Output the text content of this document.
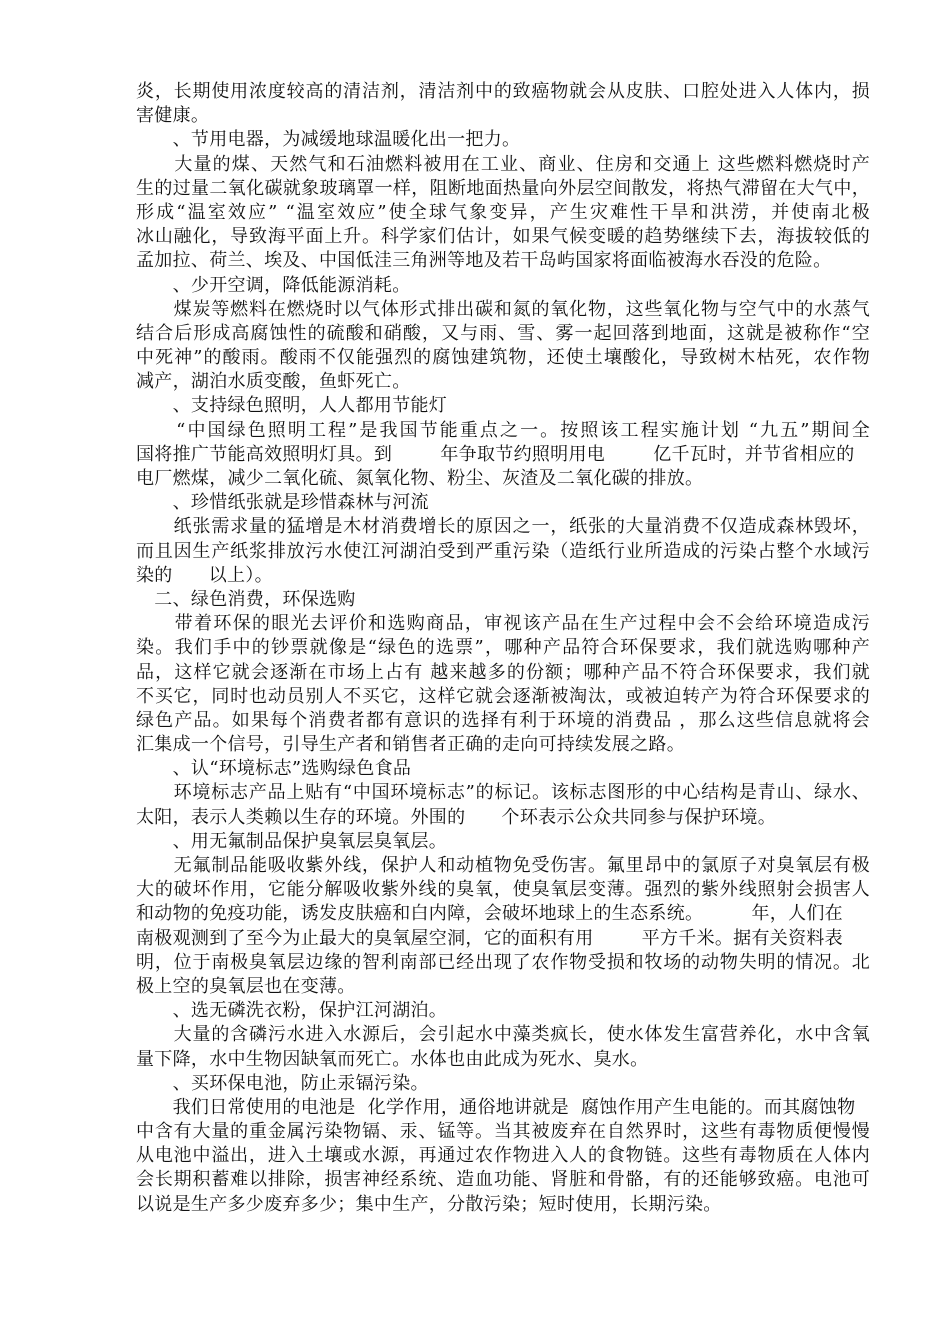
炎，长期使用浓度较高的清洁剂，清洁剂中的致癌物就会从皮肤、口腔处进入人体内，损
害健康。
　　、节用电器，为减缓地球温暖化出一把力。
　　大量的煤、天然气和石油燃料被用在工业、商业、住房和交通上 这些燃料燃烧时产
生的过量二氧化碳就象玻璃罩一样，阻断地面热量向外层空间散发，将热气滞留在大气中，
形成“温室效应” “温室效应”使全球气象变异，产生灾难性干旱和洪涝，并使南北极
冰山融化，导致海平面上升。科学家们估计，如果气候变暖的趋势继续下去，海拔较低的
孟加拉、荷兰、埃及、中国低洼三角洲等地及若干岛屿国家将面临被海水吞没的危险。
　　、少开空调，降低能源消耗。
　　煤炭等燃料在燃烧时以气体形式排出碳和氮的氧化物，这些氧化物与空气中的水蒸气
结合后形成高腐蚀性的硫酸和硝酸，又与雨、雪、雾一起回落到地面，这就是被称作“空
中死神”的酸雨。酸雨不仅能强烈的腐蚀建筑物，还使土壤酸化，导致树木枯死，农作物
减产，湖泊水质变酸，鱼虾死亡。
　　、支持绿色照明，人人都用节能灯
　　“中国绿色照明工程”是我国节能重点之一。按照该工程实施计划 “九五”期间全
国将推广节能高效照明灯具。到        年争取节约照明用电        亿千瓦时，并节省相应的
电厂燃煤，减少二氧化硫、氮氧化物、粉尘、灰渣及二氧化碳的排放。
　　、珍惜纸张就是珍惜森林与河流
　　纸张需求量的猛增是木材消费增长的原因之一，纸张的大量消费不仅造成森林毁坏，
而且因生产纸浆排放污水使江河湖泊受到严重污染（造纸行业所造成的污染占整个水域污
染的      以上）。
　二、绿色消费，环保选购
　　带着环保的眼光去评价和选购商品，审视该产品在生产过程中会不会给环境造成污
染。我们手中的钞票就像是“绿色的选票”，哪种产品符合环保要求，我们就选购哪种产
品，这样它就会逐渐在市场上占有 越来越多的份额；哪种产品不符合环保要求，我们就
不买它，同时也动员别人不买它，这样它就会逐渐被淘汰，或被迫转产为符合环保要求的
绿色产品。如果每个消费者都有意识的选择有利于环境的消费品 ，那么这些信息就将会
汇集成一个信号，引导生产者和销售者正确的走向可持续发展之路。
　　、认“环境标志”选购绿色食品
　　环境标志产品上贴有“中国环境标志”的标记。该标志图形的中心结构是青山、绿水、
太阳，表示人类赖以生存的环境。外围的      个环表示公众共同参与保护环境。
　　、用无氟制品保护臭氧层臭氧层。
　　无氟制品能吸收紫外线，保护人和动植物免受伤害。氟里昂中的氯原子对臭氧层有极
大的破坏作用，它能分解吸收紫外线的臭氧，使臭氧层变薄。强烈的紫外线照射会损害人
和动物的免疫功能，诱发皮肤癌和白内障，会破坏地球上的生态系统。        年，人们在
南极观测到了至今为止最大的臭氧屋空洞，它的面积有用        平方千米。据有关资料表
明，位于南极臭氧层边缘的智利南部已经出现了农作物受损和牧场的动物失明的情况。北
极上空的臭氧层也在变薄。
　　、选无磷洗衣粉，保护江河湖泊。
　　大量的含磷污水进入水源后，会引起水中藻类疯长，使水体发生富营养化，水中含氧
量下降，水中生物因缺氧而死亡。水体也由此成为死水、臭水。
　　、买环保电池，防止汞镉污染。
　　我们日常使用的电池是  化学作用，通俗地讲就是  腐蚀作用产生电能的。而其腐蚀物
中含有大量的重金属污染物镉、汞、锰等。当其被废弃在自然界时，这些有毒物质便慢慢
从电池中溢出，进入土壤或水源，再通过农作物进入人的食物链。这些有毒物质在人体内
会长期积蓄难以排除，损害神经系统、造血功能、肾脏和骨骼，有的还能够致癌。电池可
以说是生产多少废弃多少；集中生产，分散污染；短时使用，长期污染。
